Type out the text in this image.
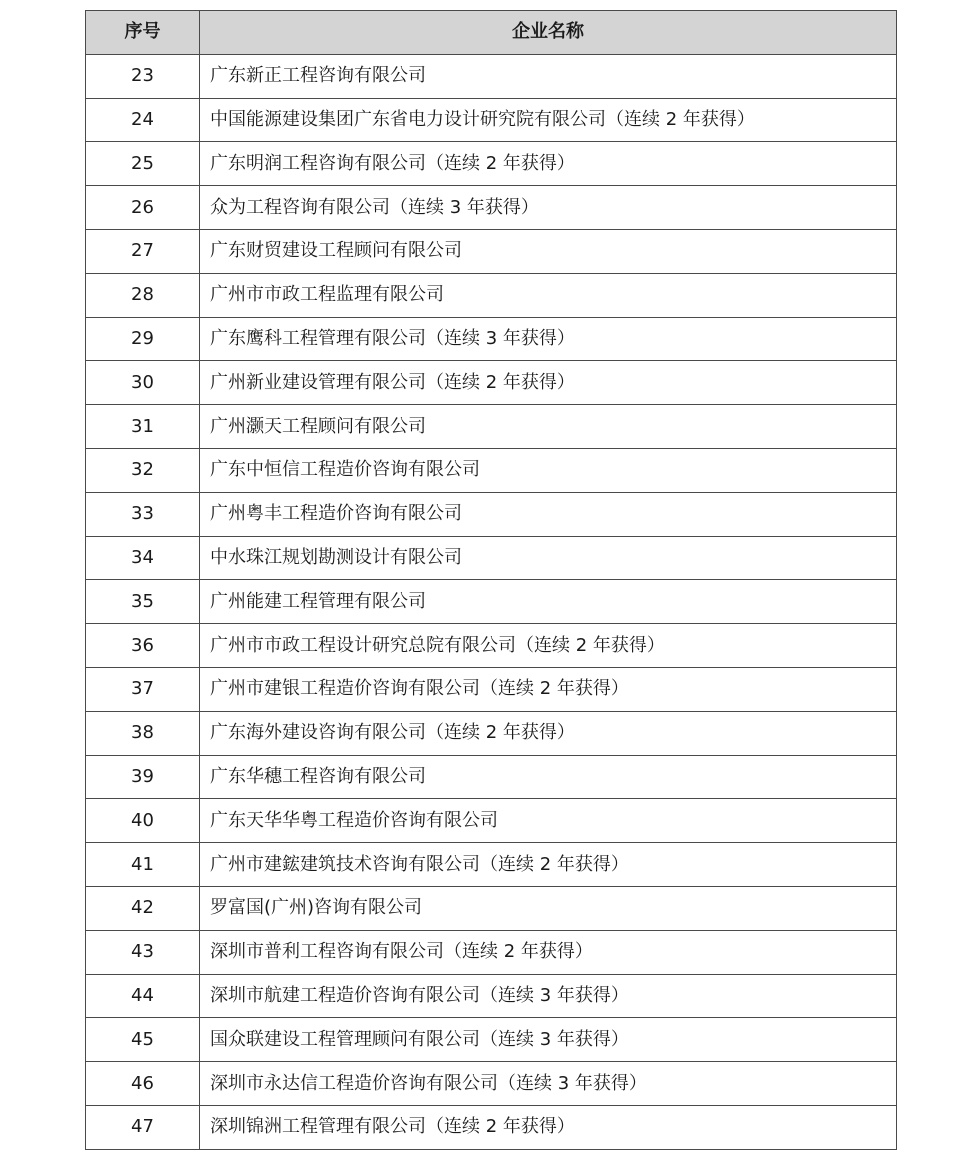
序号	企业名称
23	广东新正工程咨询有限公司
24	中国能源建设集团广东省电力设计研究院有限公司（连续 2 年获得）
25	广东明润工程咨询有限公司（连续 2 年获得）
26	众为工程咨询有限公司（连续 3 年获得）
27	广东财贸建设工程顾问有限公司
28	广州市市政工程监理有限公司
29	广东鹰科工程管理有限公司（连续 3 年获得）
30	广州新业建设管理有限公司（连续 2 年获得）
31	广州灏天工程顾问有限公司
32	广东中恒信工程造价咨询有限公司
33	广州粤丰工程造价咨询有限公司
34	中水珠江规划勘测设计有限公司
35	广州能建工程管理有限公司
36	广州市市政工程设计研究总院有限公司（连续 2 年获得）
37	广州市建银工程造价咨询有限公司（连续 2 年获得）
38	广东海外建设咨询有限公司（连续 2 年获得）
39	广东华穗工程咨询有限公司
40	广东天华华粤工程造价咨询有限公司
41	广州市建鋐建筑技术咨询有限公司（连续 2 年获得）
42	罗富国(广州)咨询有限公司
43	深圳市普利工程咨询有限公司（连续 2 年获得）
44	深圳市航建工程造价咨询有限公司（连续 3 年获得）
45	国众联建设工程管理顾问有限公司（连续 3 年获得）
46	深圳市永达信工程造价咨询有限公司（连续 3 年获得）
47	深圳锦洲工程管理有限公司（连续 2 年获得）
